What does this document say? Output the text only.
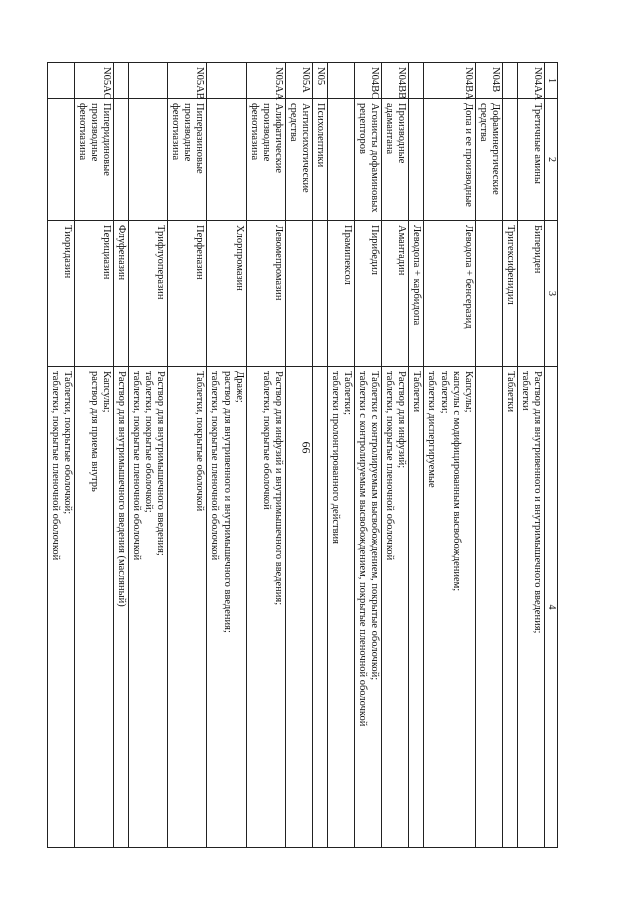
66
1	2	3	4
N04AA	Третичные амины	Бипериден	Раствор для внутривенного и внутримышечного введения;
таблетки

		Тригексифенидил	Таблетки

N04B	Дофаминергические средства		
N04BA	Допа и ее производные	Леводопа + бенсеразид	Капсулы;
капсулы с модифицированным высвобождением;
таблетки;
таблетки диспергируемые

		Леводопа + карбидопа	Таблетки

N04BB	Производные адамантана	Амантадин	Раствор для инфузий;
таблетки, покрытые пленочной оболочкой

N04BC	Агонисты дофаминовых рецепторов	Пирибедил	Таблетки с контролируемым высвобождением, покрытые оболочкой;
таблетки с контролируемым высвобождением, покрытые пленочной оболочкой

		Прамипексол	Таблетки;
таблетки пролонгированного действия

N05	Психолептики		
N05A	Антипсихотические средства		
N05AA	Алифатические производные фенотиазина	Левомепромазин	Раствор для инфузий и внутримышечного введения;
таблетки, покрытые оболочкой

		Хлорпромазин	Драже;
раствор для внутривенного и внутримышечного введения;
таблетки, покрытые пленочной оболочкой

N05AB	Пиперазиновые производные фенотиазина	Перфеназин	Таблетки, покрытые оболочкой

		Трифлуоперазин	Раствор для внутримышечного введения;
таблетки, покрытые оболочкой;
таблетки, покрытые пленочной оболочкой

		Флуфеназин	Раствор для внутримышечного введения (масляный)

N05AC	Пиперидиновые производные фенотиазина	Перициазин	Капсулы;
раствор для приема внутрь

		Тиоридазин	Таблетки, покрытые оболочкой;
таблетки, покрытые пленочной оболочкой
